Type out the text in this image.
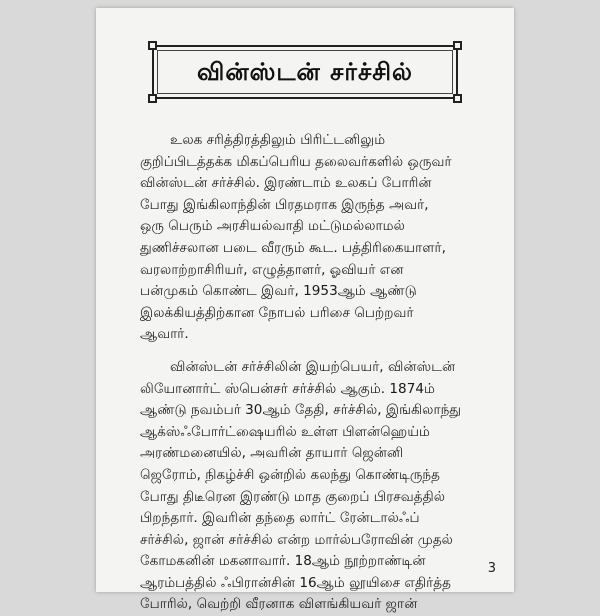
வின்ஸ்டன் சர்ச்சில்
உலக சரித்திரத்திலும் பிரிட்டனிலும்
குறிப்பிடத்தக்க மிகப்பெரிய தலைவர்களில் ஒருவர்
வின்ஸ்டன் சர்ச்சில். இரண்டாம் உலகப் போரின்
போது இங்கிலாந்தின் பிரதமராக இருந்த அவர்,
ஒரு பெரும் அரசியல்வாதி மட்டுமல்லாமல்
துணிச்சலான படை வீரரும் கூட. பத்திரிகையாளர்,
வரலாற்றாசிரியர், எழுத்தாளர், ஓவியர் என
பன்முகம் கொண்ட இவர், 1953ஆம் ஆண்டு
இலக்கியத்திற்கான நோபல் பரிசை பெற்றவர்
ஆவார்.
வின்ஸ்டன் சர்ச்சிலின் இயற்பெயர், வின்ஸ்டன்
லியோனார்ட் ஸ்பென்சர் சர்ச்சில் ஆகும். 1874ம்
ஆண்டு நவம்பர் 30ஆம் தேதி, சர்ச்சில், இங்கிலாந்து
ஆக்ஸ்ஃபோர்ட்ஷையரில் உள்ள பிளன்ஹெய்ம்
அரண்மனையில், அவரின் தாயார் ஜென்னி
ஜெரோம், நிகழ்ச்சி ஒன்றில் கலந்து கொண்டிருந்த
போது திடீரென இரண்டு மாத குறைப் பிரசவத்தில்
பிறந்தார். இவரின் தந்தை லார்ட் ரேன்டால்ஃப்
சர்ச்சில், ஜான் சர்ச்சில் என்ற மார்ல்பரோவின் முதல்
கோமகனின் மகனாவார். 18ஆம் நூற்றாண்டின்
ஆரம்பத்தில் ஃபிரான்சின் 16ஆம் லூயிசை எதிர்த்த
போரில், வெற்றி வீரனாக விளங்கியவர் ஜான்
3
